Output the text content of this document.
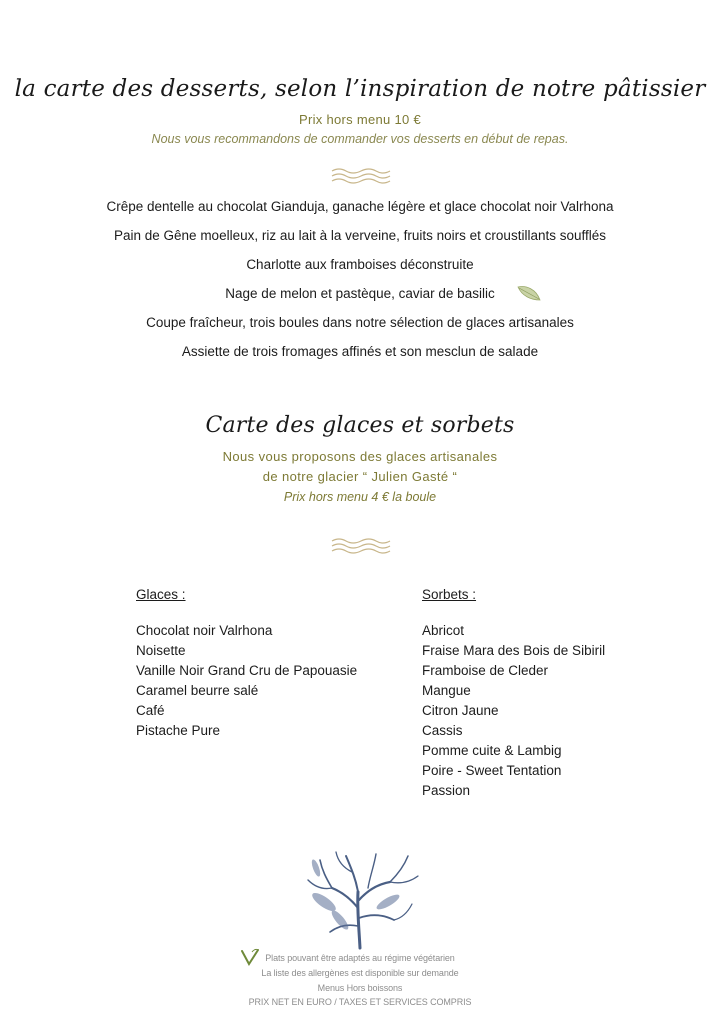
la carte des desserts, selon l’inspiration de notre pâtissier
Prix hors menu 10 €
Nous vous recommandons de commander vos desserts en début de repas.
Crêpe dentelle au chocolat Gianduja, ganache légère et glace chocolat noir Valrhona
Pain de Gêne moelleux, riz au lait à la verveine, fruits noirs et croustillants soufflés
Charlotte aux framboises déconstruite
Nage de melon et pastèque, caviar de basilic
Coupe fraîcheur, trois boules dans notre sélection de glaces artisanales
Assiette de trois fromages affinés et son mesclun de salade
Carte des glaces et sorbets
Nous vous proposons des glaces artisanales
de notre glacier “ Julien Gasté “
Prix hors menu 4 € la boule
Glaces :
Chocolat noir Valrhona
Noisette
Vanille Noir Grand Cru de Papouasie
Caramel beurre salé
Café
Pistache Pure
Sorbets :
Abricot
Fraise Mara des Bois de Sibiril
Framboise de Cleder
Mangue
Citron Jaune
Cassis
Pomme cuite & Lambig
Poire - Sweet Tentation
Passion
Plats pouvant être adaptés au régime végétarien
La liste des allergènes est disponible sur demande
Menus Hors boissons
PRIX NET EN EURO / TAXES ET SERVICES COMPRIS
